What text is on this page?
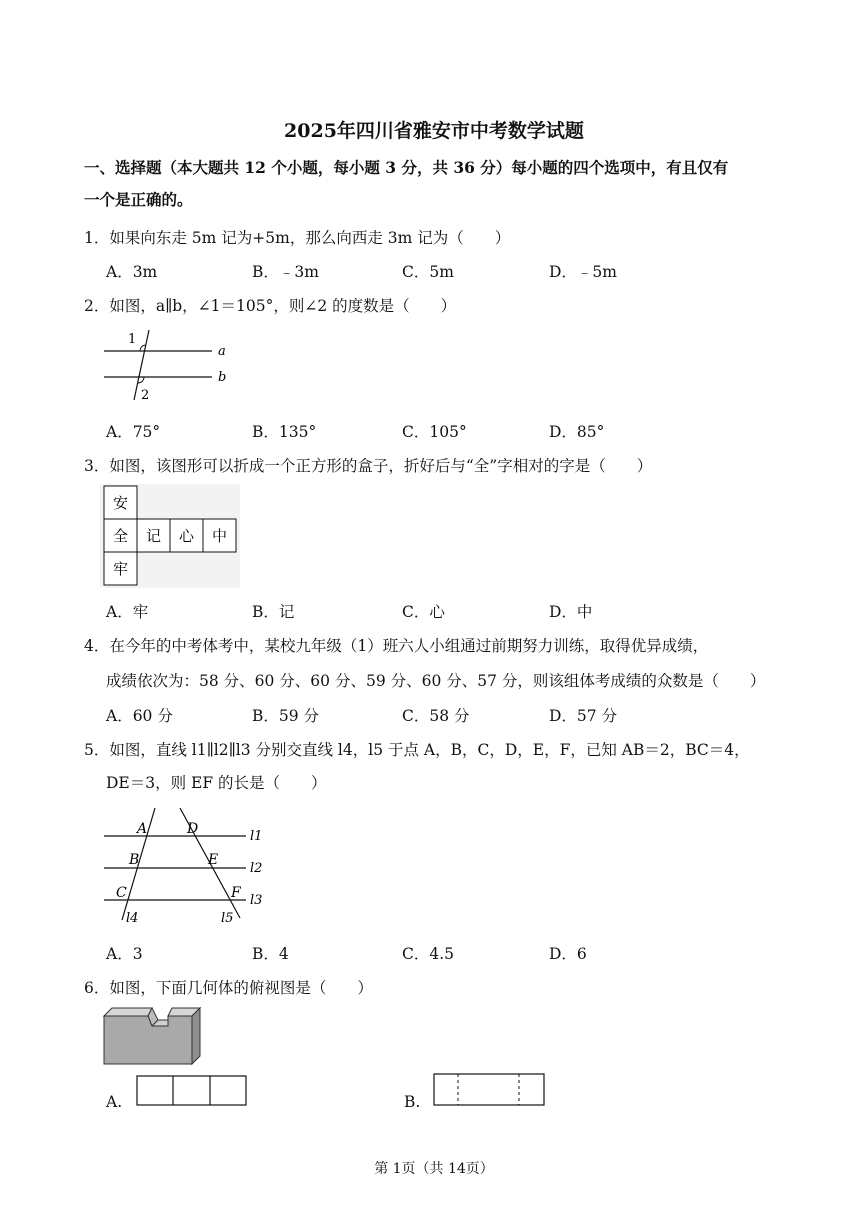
2025年四川省雅安市中考数学试题
一、选择题（本大题共 12 个小题，每小题 3 分，共 36 分）每小题的四个选项中，有且仅有
一个是正确的。
1．如果向东走 5m 记为+5m，那么向西走 3m 记为（　　）
A．3m	B．﹣3m	C．5m	D．﹣5m
2．如图，a∥b，∠1＝105°，则∠2 的度数是（　　）
1
2
a
b
A．75°	B．135°	C．105°	D．85°
3．如图，该图形可以折成一个正方形的盒子，折好后与“全”字相对的字是（　　）
安
全 记 心 中
牢
A．牢	B．记	C．心	D．中
4．在今年的中考体考中，某校九年级（1）班六人小组通过前期努力训练，取得优异成绩，
成绩依次为：58 分、60 分、60 分、59 分、60 分、57 分，则该组体考成绩的众数是（　　）
A．60 分	B．59 分	C．58 分	D．57 分
5．如图，直线 l1∥l2∥l3 分别交直线 l4，l5 于点 A，B，C，D，E，F，已知 AB＝2，BC＝4，
DE＝3，则 EF 的长是（　　）
A	D
B	E
C	F
l1
l2
l3
l4	l5
A．3	B．4	C．4.5	D．6
6．如图，下面几何体的俯视图是（　　）
A.	B.
第 1页（共 14页）
